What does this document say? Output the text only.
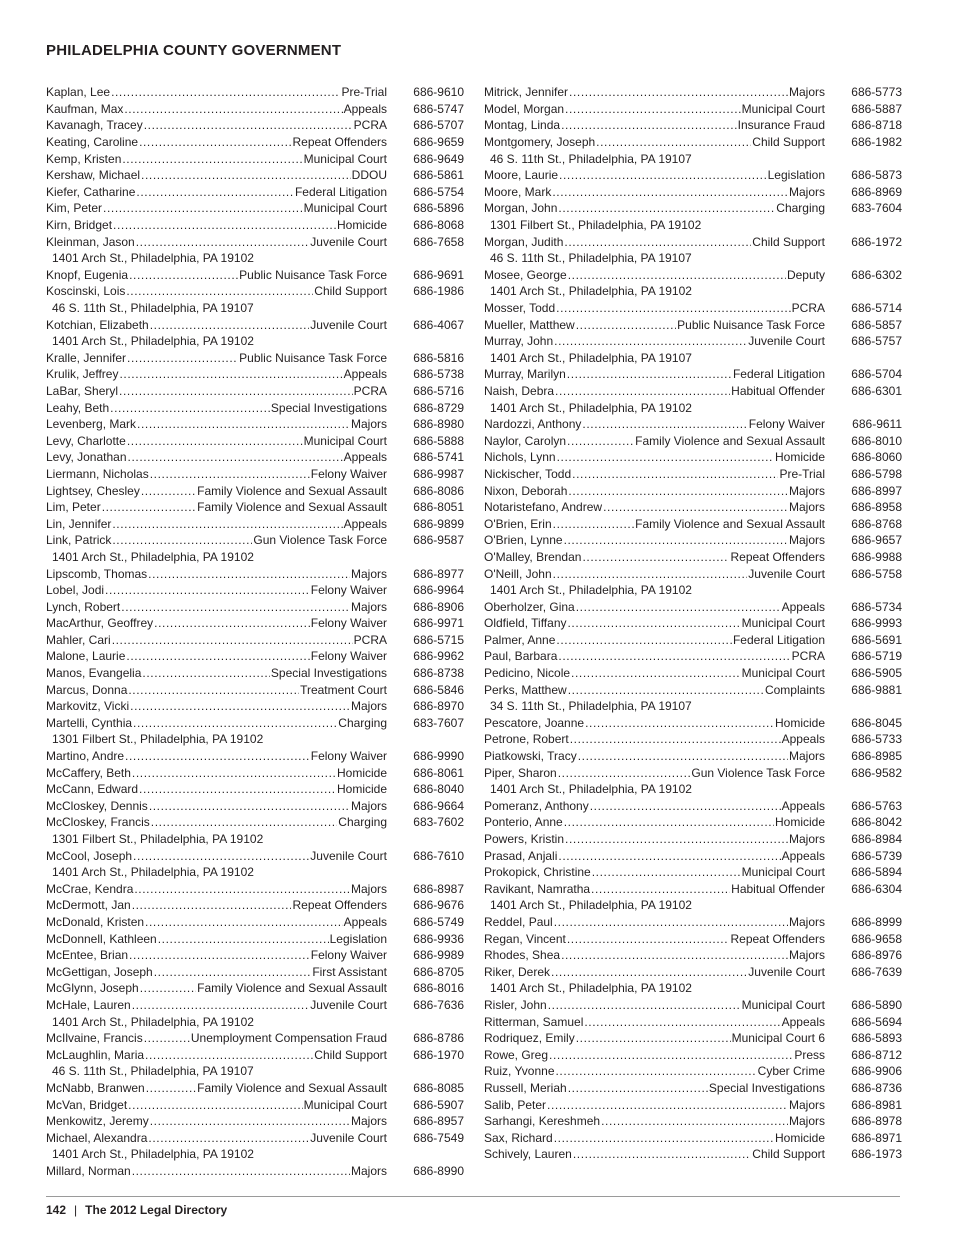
PHILADELPHIA COUNTY GOVERNMENT
Kaplan, Lee .....	Pre-Trial 686-9610
Kaufman, Max .....	Appeals 686-5747
Kavanagh, Tracey .....	PCRA 686-5707
Keating, Caroline .....	Repeat Offenders 686-9659
Kemp, Kristen .....	Municipal Court 686-9649
Kershaw, Michael .....	DDOU 686-5861
Kiefer, Catharine .....	Federal Litigation 686-5754
Kim, Peter .....	Municipal Court 686-5896
Kirn, Bridget .....	Homicide 686-8068
Kleinman, Jason .....	Juvenile Court 686-7658
1401 Arch St., Philadelphia, PA 19102
Knopf, Eugenia .....	Public Nuisance Task Force 686-9691
Koscinski, Lois .....	Child Support 686-1986
46 S. 11th St., Philadelphia, PA 19107
Kotchian, Elizabeth .....	Juvenile Court 686-4067
1401 Arch St., Philadelphia, PA 19102
Kralle, Jennifer .....	Public Nuisance Task Force 686-5816
Krulik, Jeffrey .....	Appeals 686-5738
LaBar, Sheryl .....	PCRA 686-5716
Leahy, Beth .....	Special Investigations 686-8729
Levenberg, Mark .....	Majors 686-8980
Levy, Charlotte .....	Municipal Court 686-5888
Levy, Jonathan .....	Appeals 686-5741
Liermann, Nicholas .....	Felony Waiver 686-9987
Lightsey, Chesley .....	Family Violence and Sexual Assault 686-8086
Lim, Peter .....	Family Violence and Sexual Assault 686-8051
Lin, Jennifer .....	Appeals 686-9899
Link, Patrick .....	Gun Violence Task Force 686-9587
1401 Arch St., Philadelphia, PA 19102
Lipscomb, Thomas .....	Majors 686-8977
Lobel, Jodi .....	Felony Waiver 686-9964
Lynch, Robert .....	Majors 686-8906
MacArthur, Geoffrey .....	Felony Waiver 686-9971
Mahler, Cari .....	PCRA 686-5715
Malone, Laurie .....	Felony Waiver 686-9962
Manos, Evangelia .....	Special Investigations 686-8738
Marcus, Donna .....	Treatment Court 686-5846
Markovitz, Vicki .....	Majors 686-8970
Martelli, Cynthia .....	Charging 683-7607
1301 Filbert St., Philadelphia, PA 19102
Martino, Andre .....	Felony Waiver 686-9990
McCaffery, Beth .....	Homicide 686-8061
McCann, Edward .....	Homicide 686-8040
McCloskey, Dennis .....	Majors 686-9664
McCloskey, Francis .....	Charging 683-7602
1301 Filbert St., Philadelphia, PA 19102
McCool, Joseph .....	Juvenile Court 686-7610
1401 Arch St., Philadelphia, PA 19102
McCrae, Kendra .....	Majors 686-8987
McDermott, Jan .....	Repeat Offenders 686-9676
McDonald, Kristen .....	Appeals 686-5749
McDonnell, Kathleen .....	Legislation 686-9936
McEntee, Brian .....	Felony Waiver 686-9989
McGettigan, Joseph .....	First Assistant 686-8705
McGlynn, Joseph .....	Family Violence and Sexual Assault 686-8016
McHale, Lauren .....	Juvenile Court 686-7636
1401 Arch St., Philadelphia, PA 19102
McIlvaine, Francis .....	Unemployment Compensation Fraud 686-8786
McLaughlin, Maria .....	Child Support 686-1970
46 S. 11th St., Philadelphia, PA 19107
McNabb, Branwen .....	Family Violence and Sexual Assault 686-8085
McVan, Bridget .....	Municipal Court 686-5907
Menkowitz, Jeremy .....	Majors 686-8957
Michael, Alexandra .....	Juvenile Court 686-7549
1401 Arch St., Philadelphia, PA 19102
Millard, Norman .....	Majors 686-8990
Mitrick, Jennifer .....	Majors 686-5773
Model, Morgan .....	Municipal Court 686-5887
Montag, Linda .....	Insurance Fraud 686-8718
Montgomery, Joseph .....	Child Support 686-1982
46 S. 11th St., Philadelphia, PA 19107
Moore, Laurie .....	Legislation 686-5873
Moore, Mark .....	Majors 686-8969
Morgan, John .....	Charging 683-7604
1301 Filbert St., Philadelphia, PA 19102
Morgan, Judith .....	Child Support 686-1972
46 S. 11th St., Philadelphia, PA 19107
Mosee, George .....	Deputy 686-6302
1401 Arch St., Philadelphia, PA 19102
Mosser, Todd .....	PCRA 686-5714
Mueller, Matthew .....	Public Nuisance Task Force 686-5857
Murray, John .....	Juvenile Court 686-5757
1401 Arch St., Philadelphia, PA 19107
Murray, Marilyn .....	Federal Litigation 686-5704
Naish, Debra .....	Habitual Offender 686-6301
1401 Arch St., Philadelphia, PA 19102
Nardozzi, Anthony .....	Felony Waiver 686-9611
Naylor, Carolyn .....	Family Violence and Sexual Assault 686-8010
Nichols, Lynn .....	Homicide 686-8060
Nickischer, Todd .....	Pre-Trial 686-5798
Nixon, Deborah .....	Majors 686-8997
Notaristefano, Andrew .....	Majors 686-8958
O'Brien, Erin .....	Family Violence and Sexual Assault 686-8768
O'Brien, Lynne .....	Majors 686-9657
O'Malley, Brendan .....	Repeat Offenders 686-9988
O'Neill, John .....	Juvenile Court 686-5758
1401 Arch St., Philadelphia, PA 19102
Oberholzer, Gina .....	Appeals 686-5734
Oldfield, Tiffany .....	Municipal Court 686-9993
Palmer, Anne .....	Federal Litigation 686-5691
Paul, Barbara .....	PCRA 686-5719
Pedicino, Nicole .....	Municipal Court 686-5905
Perks, Matthew .....	Complaints 686-9881
34 S. 11th St., Philadelphia, PA 19107
Pescatore, Joanne .....	Homicide 686-8045
Petrone, Robert .....	Appeals 686-5733
Piatkowski, Tracy .....	Majors 686-8985
Piper, Sharon .....	Gun Violence Task Force 686-9582
1401 Arch St., Philadelphia, PA 19102
Pomeranz, Anthony .....	Appeals 686-5763
Ponterio, Anne .....	Homicide 686-8042
Powers, Kristin .....	Majors 686-8984
Prasad, Anjali .....	Appeals 686-5739
Prokopick, Christine .....	Municipal Court 686-5894
Ravikant, Namratha .....	Habitual Offender 686-6304
1401 Arch St., Philadelphia, PA 19102
Reddel, Paul .....	Majors 686-8999
Regan, Vincent .....	Repeat Offenders 686-9658
Rhodes, Shea .....	Majors 686-8976
Riker, Derek .....	Juvenile Court 686-7639
1401 Arch St., Philadelphia, PA 19102
Risler, John .....	Municipal Court 686-5890
Ritterman, Samuel .....	Appeals 686-5694
Rodriquez, Emily .....	Municipal Court 6 686-5893
Rowe, Greg .....	Press 686-8712
Ruiz, Yvonne .....	Cyber Crime 686-9906
Russell, Meriah .....	Special Investigations 686-8736
Salib, Peter .....	Majors 686-8981
Sarhangi, Kereshmeh .....	Majors 686-8978
Sax, Richard .....	Homicide 686-8971
Schively, Lauren .....	Child Support 686-1973
142 | The 2012 Legal Directory
